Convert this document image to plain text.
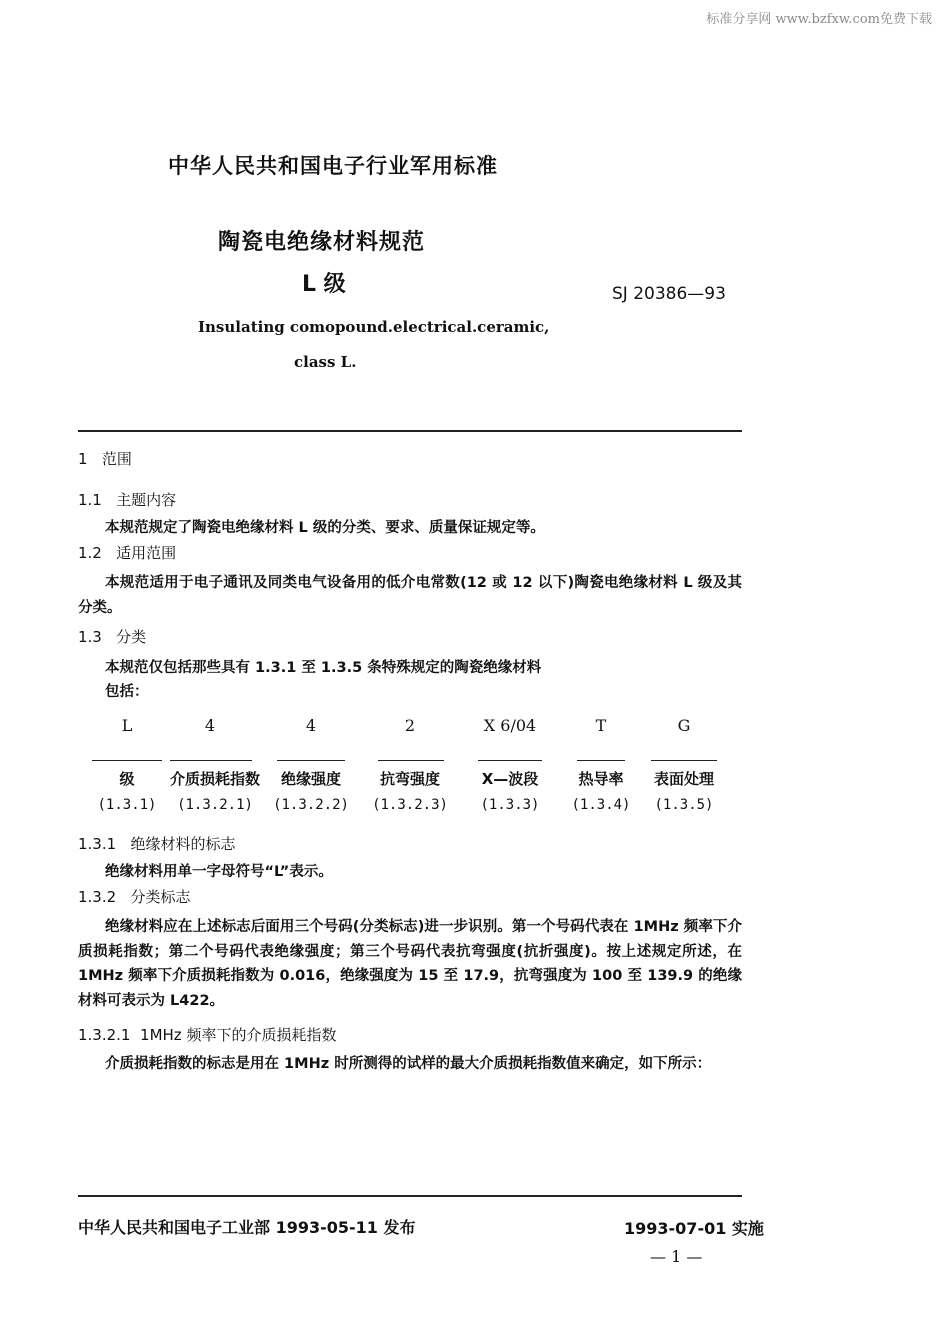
标准分享网 www.bzfxw.com免费下载
中华人民共和国电子行业军用标准
陶瓷电绝缘材料规范
L 级	SJ 20386—93
Insulating comopound.electrical.ceramic,
class L.
1 范围
1.1 主题内容
本规范规定了陶瓷电绝缘材料 L 级的分类、要求、质量保证规定等。
1.2 适用范围
本规范适用于电子通讯及同类电气设备用的低介电常数(12 或 12 以下)陶瓷电绝缘材料 L 级及其分类。
1.3 分类
本规范仅包括那些具有 1.3.1 至 1.3.5 条特殊规定的陶瓷绝缘材料
包括：
L	4	4	2	X 6/04	T	G
级	介质损耗指数	绝缘强度	抗弯强度	X—波段	热导率	表面处理
(1.3.1)	(1.3.2.1)	(1.3.2.2)	(1.3.2.3)	(1.3.3)	(1.3.4)	(1.3.5)
1.3.1 绝缘材料的标志
绝缘材料用单一字母符号“L”表示。
1.3.2 分类标志
绝缘材料应在上述标志后面用三个号码(分类标志)进一步识别。第一个号码代表在 1MHz 频率下介质损耗指数；第二个号码代表绝缘强度；第三个号码代表抗弯强度(抗折强度)。按上述规定所述，在 1MHz 频率下介质损耗指数为 0.016，绝缘强度为 15 至 17.9，抗弯强度为 100 至 139.9 的绝缘材料可表示为 L422。
1.3.2.1 1MHz 频率下的介质损耗指数
介质损耗指数的标志是用在 1MHz 时所测得的试样的最大介质损耗指数值来确定，如下所示：
中华人民共和国电子工业部 1993-05-11 发布	1993-07-01 实施
— 1 —
